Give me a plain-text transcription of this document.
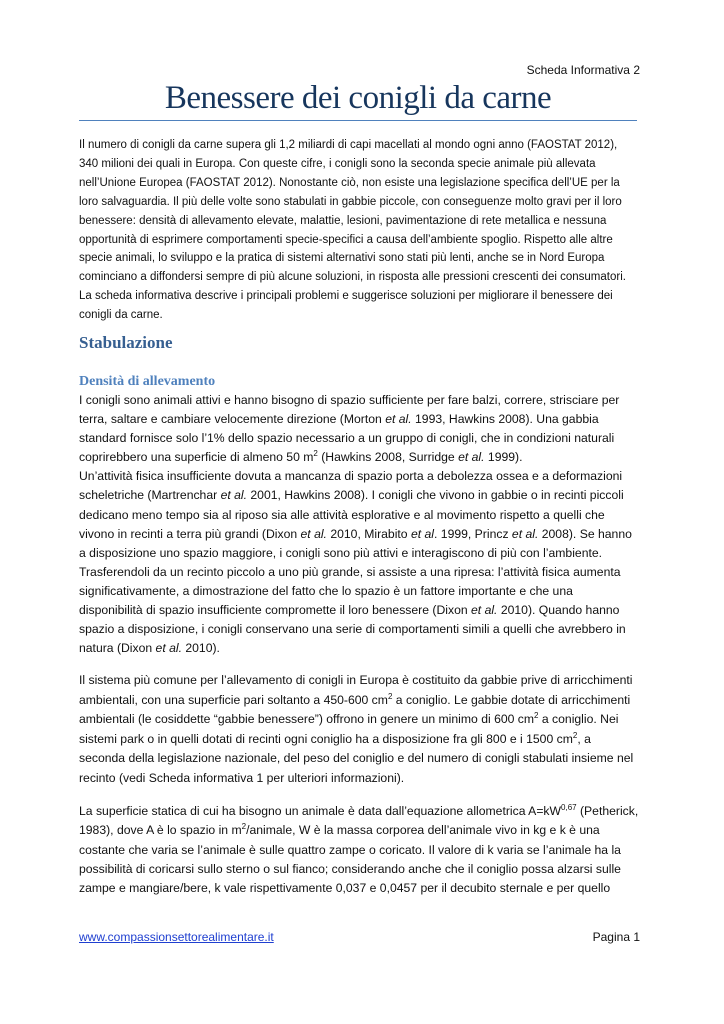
Scheda Informativa 2
Benessere dei conigli da carne

Il numero di conigli da carne supera gli 1,2 miliardi di capi macellati al mondo ogni anno (FAOSTAT 2012), 340 milioni dei quali in Europa. Con queste cifre, i conigli sono la seconda specie animale più allevata nell’Unione Europea (FAOSTAT 2012). Nonostante ciò, non esiste una legislazione specifica dell’UE per la loro salvaguardia. Il più delle volte sono stabulati in gabbie piccole, con conseguenze molto gravi per il loro benessere: densità di allevamento elevate, malattie, lesioni, pavimentazione di rete metallica e nessuna opportunità di esprimere comportamenti specie-specifici a causa dell’ambiente spoglio. Rispetto alle altre specie animali, lo sviluppo e la pratica di sistemi alternativi sono stati più lenti, anche se in Nord Europa cominciano a diffondersi sempre di più alcune soluzioni, in risposta alle pressioni crescenti dei consumatori. La scheda informativa descrive i principali problemi e suggerisce soluzioni per migliorare il benessere dei conigli da carne.

Stabulazione
Densità di allevamento

I conigli sono animali attivi e hanno bisogno di spazio sufficiente per fare balzi, correre, strisciare per terra, saltare e cambiare velocemente direzione (Morton et al. 1993, Hawkins 2008). Una gabbia standard fornisce solo l’1% dello spazio necessario a un gruppo di conigli, che in condizioni naturali coprirebbero una superficie di almeno 50 $m^2$ (Hawkins 2008, Surridge et al. 1999).

Un’attività fisica insufficiente dovuta a mancanza di spazio porta a debolezza ossea e a deformazioni scheletriche (Martrenchar et al. 2001, Hawkins 2008). I conigli che vivono in gabbie o in recinti piccoli dedicano meno tempo sia al riposo sia alle attività esplorative e al movimento rispetto a quelli che vivono in recinti a terra più grandi (Dixon et al. 2010, Mirabito et al. 1999, Princz et al. 2008). Se hanno a disposizione uno spazio maggiore, i conigli sono più attivi e interagiscono di più con l’ambiente. Trasferendoli da un recinto piccolo a uno più grande, si assiste a una ripresa: l’attività fisica aumenta significativamente, a dimostrazione del fatto che lo spazio è un fattore importante e che una disponibilità di spazio insufficiente compromette il loro benessere (Dixon et al. 2010). Quando hanno spazio a disposizione, i conigli conservano una serie di comportamenti simili a quelli che avrebbero in natura (Dixon et al. 2010).

Il sistema più comune per l’allevamento di conigli in Europa è costituito da gabbie prive di arricchimenti ambientali, con una superficie pari soltanto a 450-600 $cm^2$ a coniglio. Le gabbie dotate di arricchimenti ambientali (le cosiddette “gabbie benessere”) offrono in genere un minimo di 600 $cm^2$ a coniglio. Nei sistemi park o in quelli dotati di recinti ogni coniglio ha a disposizione fra gli 800 e i 1500 $cm^2$, a seconda della legislazione nazionale, del peso del coniglio e del numero di conigli stabulati insieme nel recinto (vedi Scheda informativa 1 per ulteriori informazioni).

La superficie statica di cui ha bisogno un animale è data dall’equazione allometrica A=kW$^{0,67}$ (Petherick, 1983), dove A è lo spazio in $m^2$/animale, W è la massa corporea dell’animale vivo in kg e k è una costante che varia se l’animale è sulle quattro zampe o coricato. Il valore di k varia se l’animale ha la possibilità di coricarsi sullo sterno o sul fianco; considerando anche che il coniglio possa alzarsi sulle zampe e mangiare/bere, k vale rispettivamente 0,037 e 0,0457 per il decubito sternale e per quello

www.compassionsettorealimentare.it	Pagina 1
